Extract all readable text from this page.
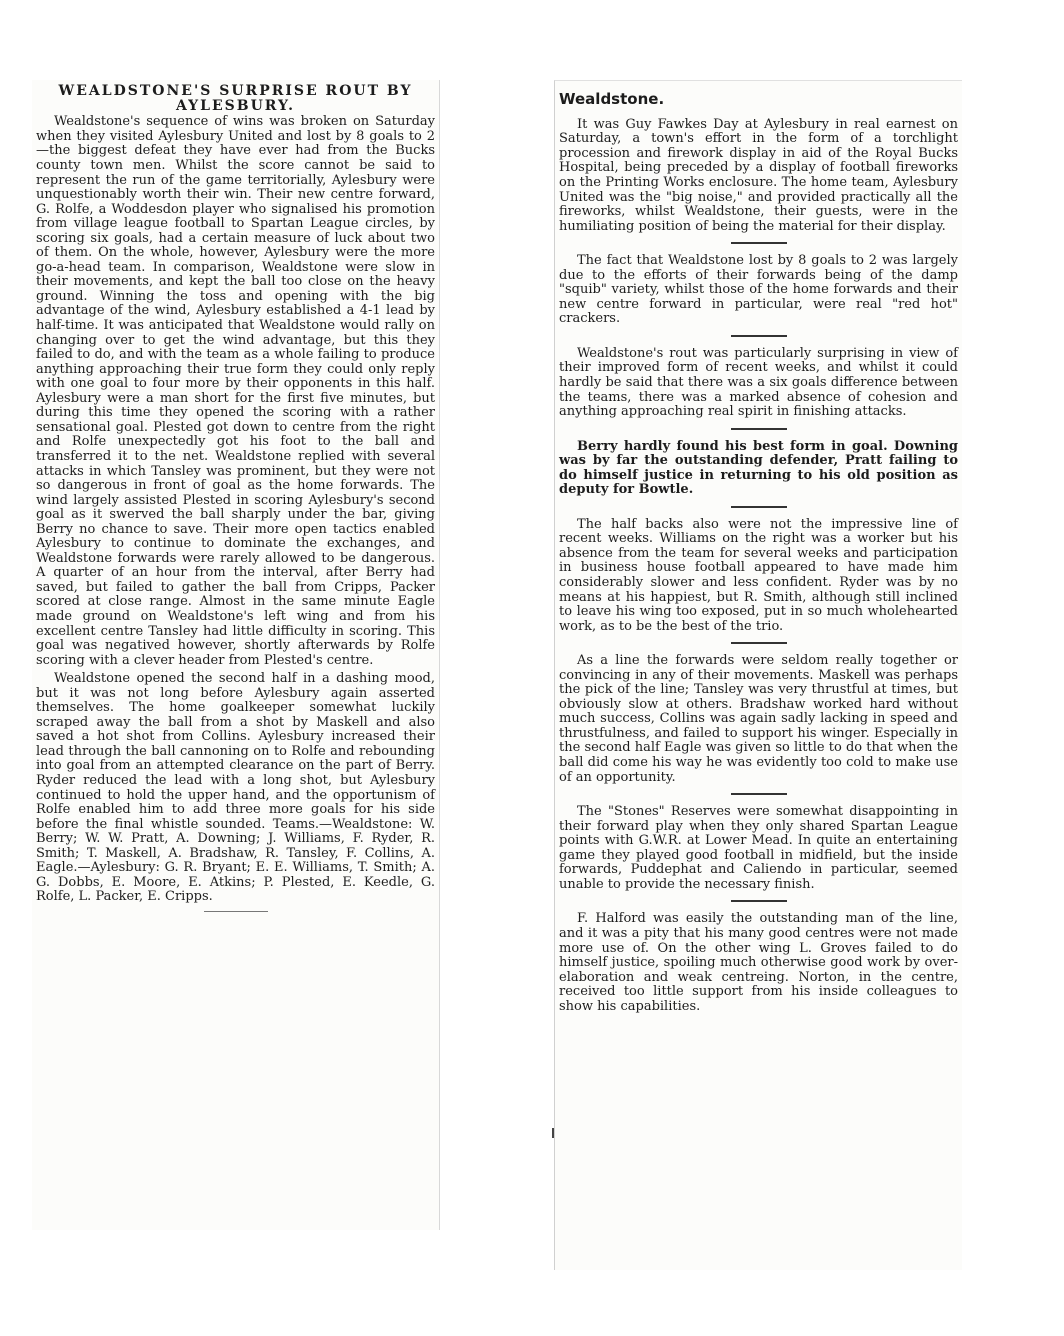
WEALDSTONE'S SURPRISE ROUT BY AYLESBURY.

Wealdstone's sequence of wins was broken on Saturday when they visited Aylesbury United and lost by 8 goals to 2—the biggest defeat they have ever had from the Bucks county town men. Whilst the score cannot be said to represent the run of the game territorially, Aylesbury were unquestionably worth their win. Their new centre forward, G. Rolfe, a Woddesdon player who signalised his promotion from village league football to Spartan League circles, by scoring six goals, had a certain measure of luck about two of them. On the whole, however, Aylesbury were the more go-a-head team. In comparison, Wealdstone were slow in their movements, and kept the ball too close on the heavy ground. Winning the toss and opening with the big advantage of the wind, Aylesbury established a 4-1 lead by half-time. It was anticipated that Wealdstone would rally on changing over to get the wind advantage, but this they failed to do, and with the team as a whole failing to produce anything approaching their true form they could only reply with one goal to four more by their opponents in this half. Aylesbury were a man short for the first five minutes, but during this time they opened the scoring with a rather sensational goal. Plested got down to centre from the right and Rolfe unexpectedly got his foot to the ball and transferred it to the net. Wealdstone replied with several attacks in which Tansley was prominent, but they were not so dangerous in front of goal as the home forwards. The wind largely assisted Plested in scoring Aylesbury's second goal as it swerved the ball sharply under the bar, giving Berry no chance to save. Their more open tactics enabled Aylesbury to continue to dominate the exchanges, and Wealdstone forwards were rarely allowed to be dangerous. A quarter of an hour from the interval, after Berry had saved, but failed to gather the ball from Cripps, Packer scored at close range. Almost in the same minute Eagle made ground on Wealdstone's left wing and from his excellent centre Tansley had little difficulty in scoring. This goal was negatived however, shortly afterwards by Rolfe scoring with a clever header from Plested's centre.

Wealdstone opened the second half in a dashing mood, but it was not long before Aylesbury again asserted themselves. The home goalkeeper somewhat luckily scraped away the ball from a shot by Maskell and also saved a hot shot from Collins. Aylesbury increased their lead through the ball cannoning on to Rolfe and rebounding into goal from an attempted clearance on the part of Berry. Ryder reduced the lead with a long shot, but Aylesbury continued to hold the upper hand, and the opportunism of Rolfe enabled him to add three more goals for his side before the final whistle sounded. Teams.—Wealdstone: W. Berry; W. W. Pratt, A. Downing; J. Williams, F. Ryder, R. Smith; T. Maskell, A. Bradshaw, R. Tansley, F. Collins, A. Eagle.—Aylesbury: G. R. Bryant; E. E. Williams, T. Smith; A. G. Dobbs, E. Moore, E. Atkins; P. Plested, E. Keedle, G. Rolfe, L. Packer, E. Cripps.

Wealdstone.

It was Guy Fawkes Day at Aylesbury in real earnest on Saturday, a town's effort in the form of a torchlight procession and firework display in aid of the Royal Bucks Hospital, being preceded by a display of football fireworks on the Printing Works enclosure. The home team, Aylesbury United was the "big noise," and provided practically all the fireworks, whilst Wealdstone, their guests, were in the humiliating position of being the material for their display.

The fact that Wealdstone lost by 8 goals to 2 was largely due to the efforts of their forwards being of the damp "squib" variety, whilst those of the home forwards and their new centre forward in particular, were real "red hot" crackers.

Wealdstone's rout was particularly surprising in view of their improved form of recent weeks, and whilst it could hardly be said that there was a six goals difference between the teams, there was a marked absence of cohesion and anything approaching real spirit in finishing attacks.

Berry hardly found his best form in goal. Downing was by far the outstanding defender, Pratt failing to do himself justice in returning to his old position as deputy for Bowtle.

The half backs also were not the impressive line of recent weeks. Williams on the right was a worker but his absence from the team for several weeks and participation in business house football appeared to have made him considerably slower and less confident. Ryder was by no means at his happiest, but R. Smith, although still inclined to leave his wing too exposed, put in so much wholehearted work, as to be the best of the trio.

As a line the forwards were seldom really together or convincing in any of their movements. Maskell was perhaps the pick of the line; Tansley was very thrustful at times, but obviously slow at others. Bradshaw worked hard without much success, Collins was again sadly lacking in speed and thrustfulness, and failed to support his winger. Especially in the second half Eagle was given so little to do that when the ball did come his way he was evidently too cold to make use of an opportunity.

The "Stones" Reserves were somewhat disappointing in their forward play when they only shared Spartan League points with G.W.R. at Lower Mead. In quite an entertaining game they played good football in midfield, but the inside forwards, Puddephat and Caliendo in particular, seemed unable to provide the necessary finish.

F. Halford was easily the outstanding man of the line, and it was a pity that his many good centres were not made more use of. On the other wing L. Groves failed to do himself justice, spoiling much otherwise good work by over-elaboration and weak centreing. Norton, in the centre, received too little support from his inside colleagues to show his capabilities.
